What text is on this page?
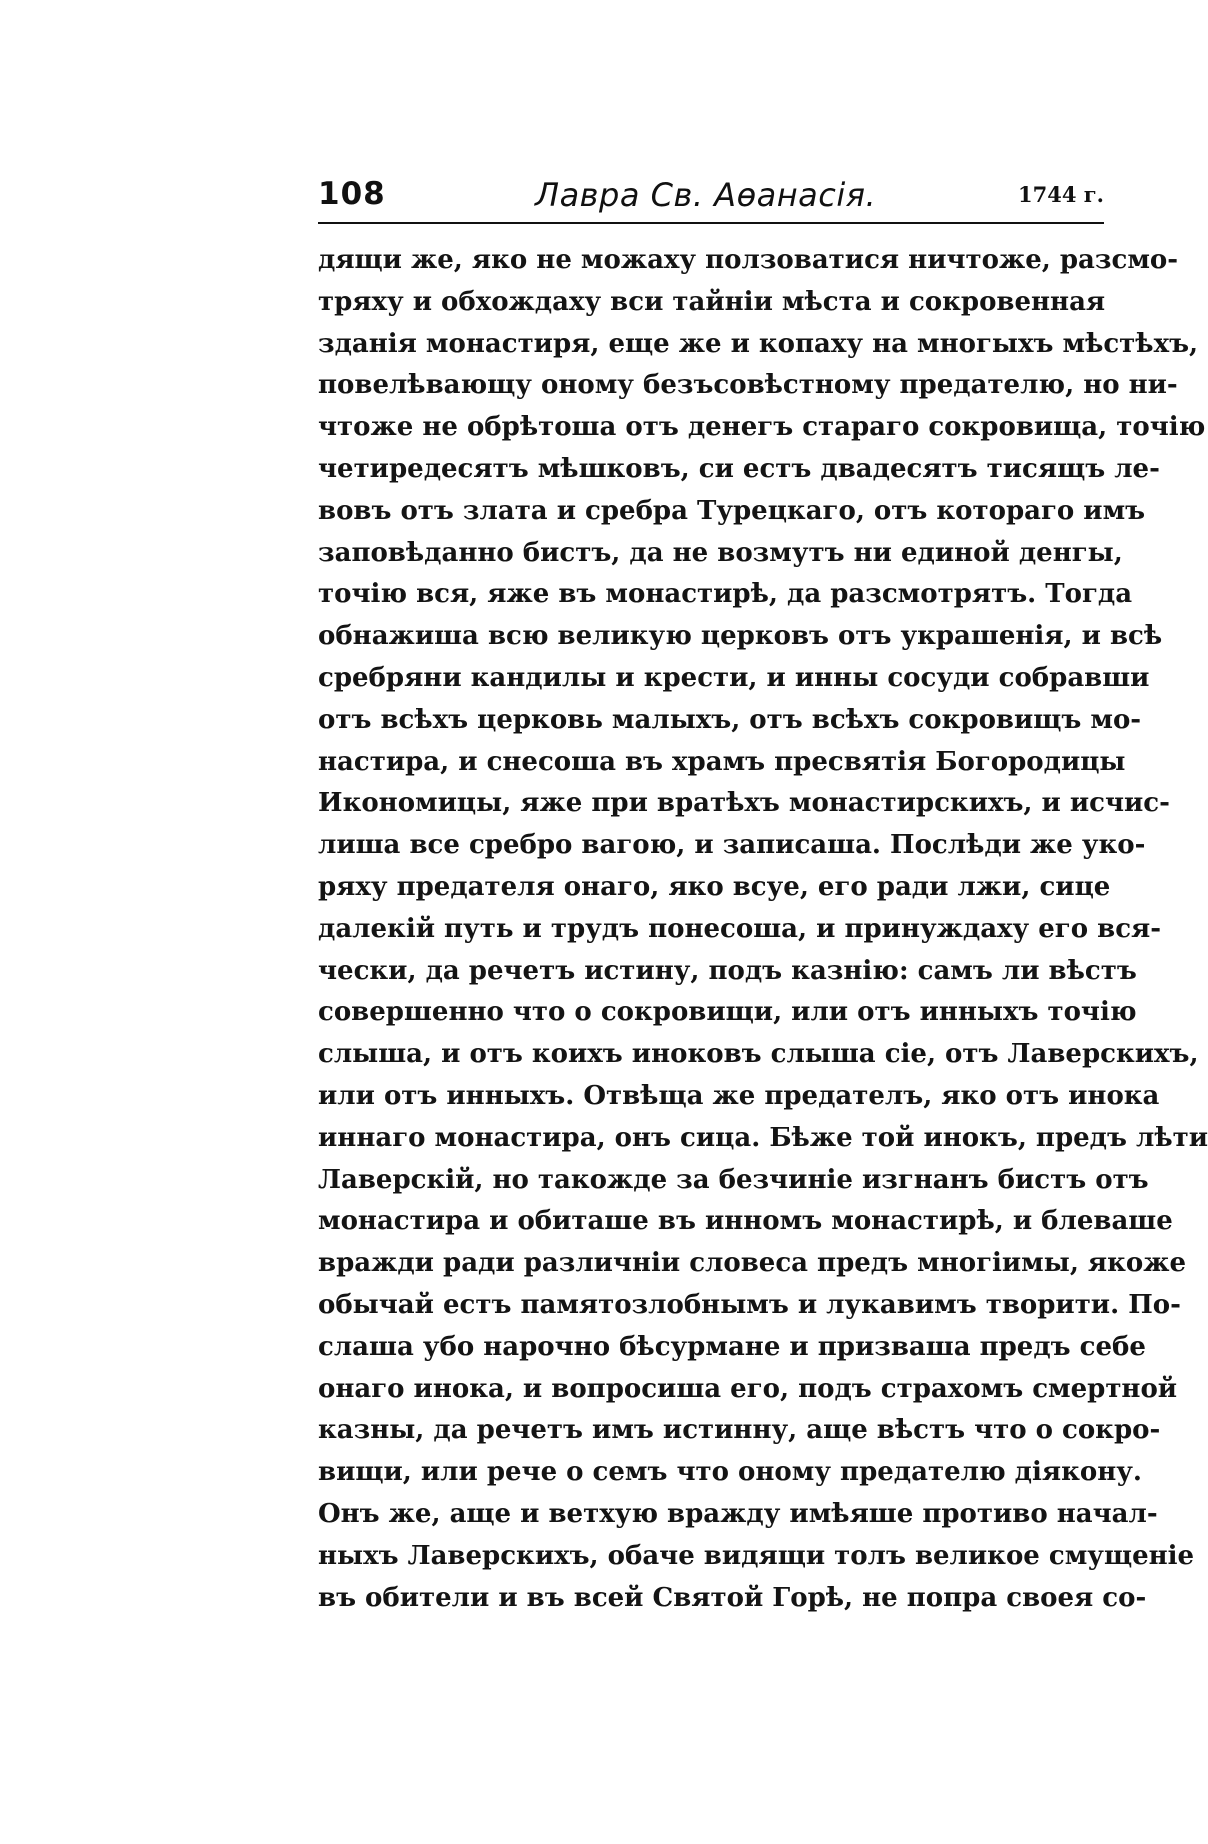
108	Лавра Св. Аѳанасія.	1744 г.
дящи же, яко не можаху ползоватися ничтоже, разсмо-
тряху и обхождаху вси тайніи мѣста и сокровенная
зданія монастиря, еще же и копаху на многыхъ мѣстѣхъ,
повелѣвающу оному безъсовѣстному предателю, но ни-
чтоже не обрѣтоша отъ денегъ стараго сокровища, точію
четиредесятъ мѣшковъ, си естъ двадесятъ тисящъ ле-
вовъ отъ злата и сребра Турецкаго, отъ котораго имъ
заповѣданно бистъ, да не возмутъ ни единой денгы,
точію вся, яже въ монастирѣ, да разсмотрятъ. Тогда
обнажиша всю великую церковъ отъ украшенія, и всѣ
сребряни кандилы и крести, и инны сосуди собравши
отъ всѣхъ церковь малыхъ, отъ всѣхъ сокровищъ мо-
настира, и снесоша въ храмъ пресвятія Богородицы
Икономицы, яже при вратѣхъ монастирскихъ, и исчис-
лиша все сребро вагою, и записаша. Послѣди же уко-
ряху предателя онаго, яко всуе, его ради лжи, сице
далекій путь и трудъ понесоша, и принуждаху его вся-
чески, да речетъ истину, подъ казнію: самъ ли вѣстъ
совершенно что о сокровищи, или отъ инныхъ точію
слыша, и отъ коихъ иноковъ слыша сіе, отъ Лаверскихъ,
или отъ инныхъ. Отвѣща же предателъ, яко отъ инока
иннаго монастира, онъ сица. Бѣже той инокъ, предъ лѣти
Лаверскій, но такожде за безчиніе изгнанъ бистъ отъ
монастира и обиташе въ инномъ монастирѣ, и блеваше
вражди ради различніи словеса предъ многіимы, якоже
обычай естъ памятозлобнымъ и лукавимъ творити. По-
слаша убо нарочно бѣсурмане и призваша предъ себе
онаго инока, и вопросиша его, подъ страхомъ смертной
казны, да речетъ имъ истинну, аще вѣстъ что о сокро-
вищи, или рече о семъ что оному предателю діякону.
Онъ же, аще и ветхую вражду имѣяше противо начал-
ныхъ Лаверскихъ, обаче видящи толъ великое смущеніе
въ обители и въ всей Святой Горѣ, не попра своея со-
